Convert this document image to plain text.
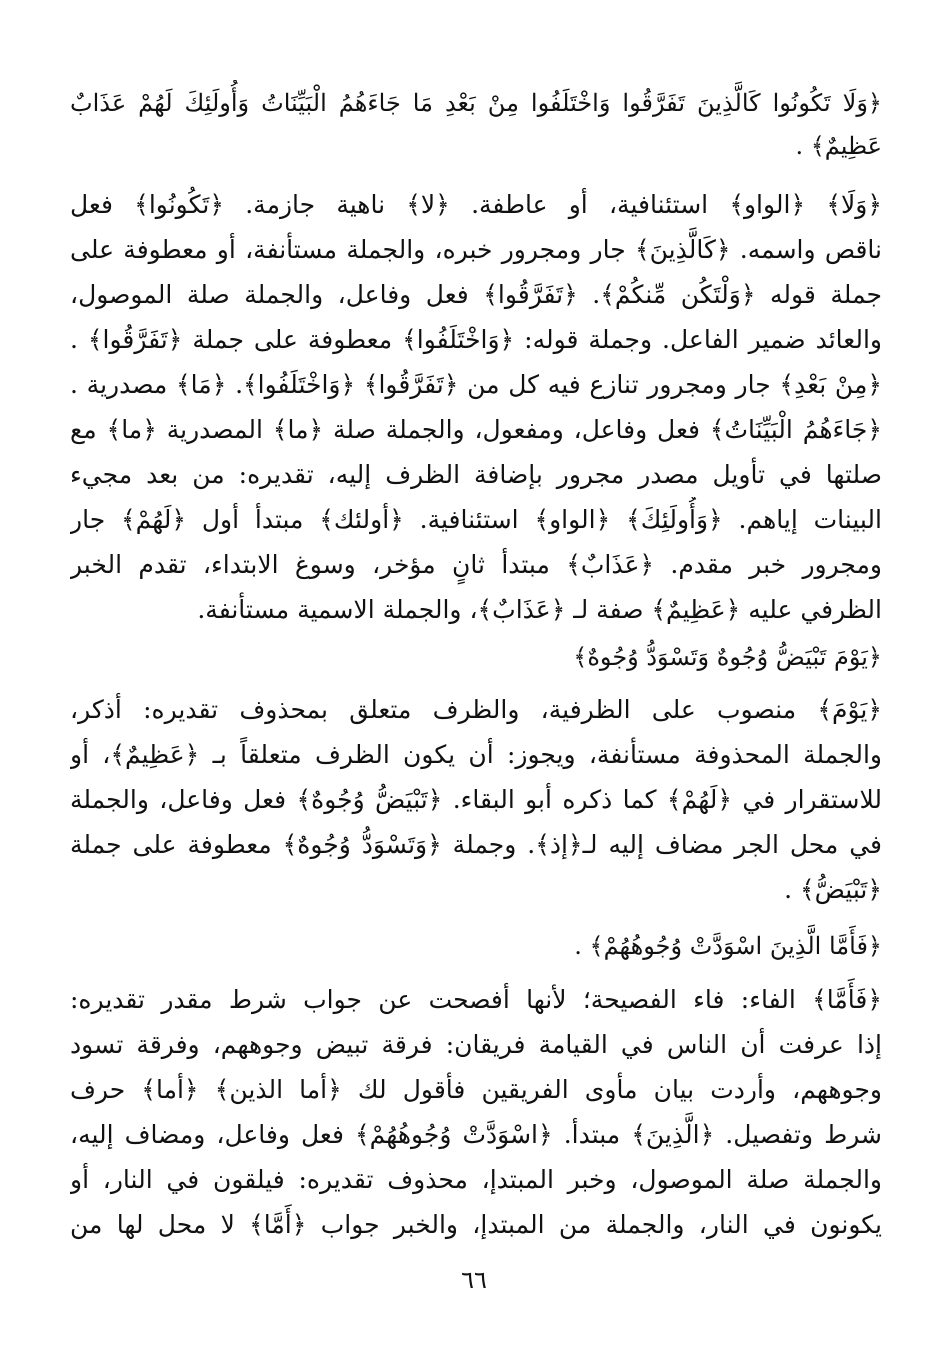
﴿وَلَا تَكُونُوا كَالَّذِينَ تَفَرَّقُوا وَاخْتَلَفُوا مِنْ بَعْدِ مَا جَاءَهُمُ الْبَيِّنَاتُ وَأُولَئِكَ لَهُمْ عَذَابٌ
عَظِيمٌ﴾ .
﴿وَلَا﴾ ﴿الواو﴾ استئنافية، أو عاطفة. ﴿لا﴾ ناهية جازمة. ﴿تَكُونُوا﴾ فعل
ناقص واسمه. ﴿كَالَّذِينَ﴾ جار ومجرور خبره، والجملة مستأنفة، أو معطوفة على
جملة قوله ﴿وَلْتَكُن مِّنكُمْ﴾. ﴿تَفَرَّقُوا﴾ فعل وفاعل، والجملة صلة الموصول،
والعائد ضمير الفاعل. وجملة قوله: ﴿وَاخْتَلَفُوا﴾ معطوفة على جملة ﴿تَفَرَّقُوا﴾ .
﴿مِنْ بَعْدِ﴾ جار ومجرور تنازع فيه كل من ﴿تَفَرَّقُوا﴾ ﴿وَاخْتَلَفُوا﴾. ﴿مَا﴾ مصدرية .
﴿جَاءَهُمُ الْبَيِّنَاتُ﴾ فعل وفاعل، ومفعول، والجملة صلة ﴿ما﴾ المصدرية ﴿ما﴾ مع
صلتها في تأويل مصدر مجرور بإضافة الظرف إليه، تقديره: من بعد مجيء
البينات إياهم. ﴿وَأُولَئِكَ﴾ ﴿الواو﴾ استئنافية. ﴿أولئك﴾ مبتدأ أول ﴿لَهُمْ﴾ جار
ومجرور خبر مقدم. ﴿عَذَابٌ﴾ مبتدأ ثانٍ مؤخر، وسوغ الابتداء، تقدم الخبر
الظرفي عليه ﴿عَظِيمٌ﴾ صفة لـ ﴿عَذَابٌ﴾، والجملة الاسمية مستأنفة.
﴿يَوْمَ تَبْيَضُّ وُجُوهٌ وَتَسْوَدُّ وُجُوهٌ﴾
﴿يَوْمَ﴾ منصوب على الظرفية، والظرف متعلق بمحذوف تقديره: أذكر،
والجملة المحذوفة مستأنفة، ويجوز: أن يكون الظرف متعلقاً بـ ﴿عَظِيمٌ﴾، أو
للاستقرار في ﴿لَهُمْ﴾ كما ذكره أبو البقاء. ﴿تَبْيَضُّ وُجُوهٌ﴾ فعل وفاعل، والجملة
في محل الجر مضاف إليه لـ﴿إذ﴾. وجملة ﴿وَتَسْوَدُّ وُجُوهٌ﴾ معطوفة على جملة
﴿تَبْيَضُّ﴾ .
﴿فَأَمَّا الَّذِينَ اسْوَدَّتْ وُجُوهُهُمْ﴾ .
﴿فَأَمَّا﴾ الفاء: فاء الفصيحة؛ لأنها أفصحت عن جواب شرط مقدر تقديره:
إذا عرفت أن الناس في القيامة فريقان: فرقة تبيض وجوههم، وفرقة تسود
وجوههم، وأردت بيان مأوى الفريقين فأقول لك ﴿أما الذين﴾ ﴿أما﴾ حرف
شرط وتفصيل. ﴿الَّذِينَ﴾ مبتدأ. ﴿اسْوَدَّتْ وُجُوهُهُمْ﴾ فعل وفاعل، ومضاف إليه،
والجملة صلة الموصول، وخبر المبتدإ، محذوف تقديره: فيلقون في النار، أو
يكونون في النار، والجملة من المبتدإ، والخبر جواب ﴿أَمَّا﴾ لا محل لها من
٦٦
